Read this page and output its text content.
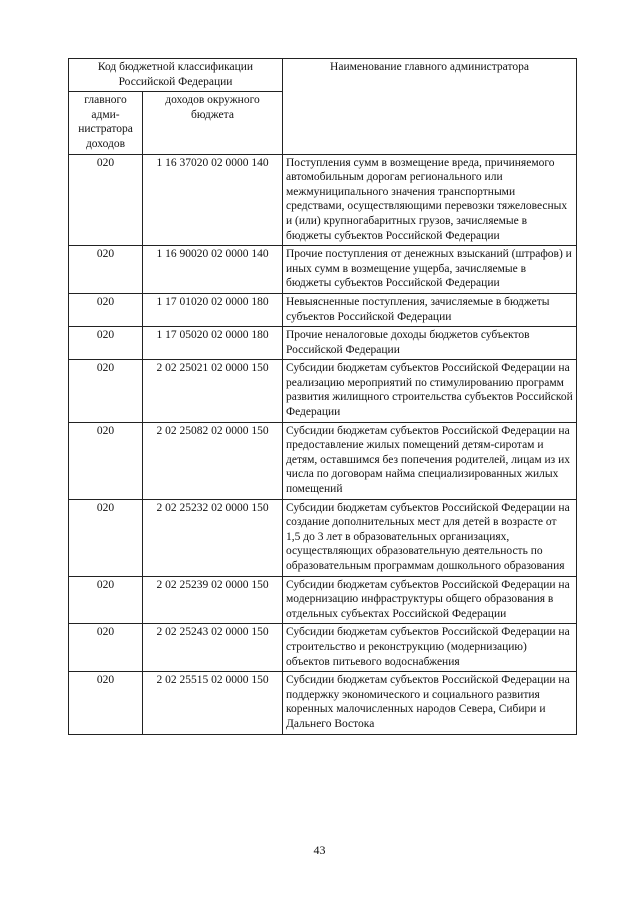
Код бюджетной классификации Российской Федерации		Наименование главного администратора
главного адми-нистратора доходов	доходов окружного бюджета	
020	1 16 37020 02 0000 140	Поступления сумм в возмещение вреда, причиняемого автомобильным дорогам регионального или межмуниципального значения транспортными средствами, осуществляющими перевозки тяжеловесных и (или) крупногабаритных грузов, зачисляемые в бюджеты субъектов Российской Федерации
020	1 16 90020 02 0000 140	Прочие поступления от денежных взысканий (штрафов) и иных сумм в возмещение ущерба, зачисляемые в бюджеты субъектов Российской Федерации
020	1 17 01020 02 0000 180	Невыясненные поступления, зачисляемые в бюджеты субъектов Российской Федерации
020	1 17 05020 02 0000 180	Прочие неналоговые доходы бюджетов субъектов Российской Федерации
020	2 02 25021 02 0000 150	Субсидии бюджетам субъектов Российской Федерации на реализацию мероприятий по стимулированию программ развития жилищного строительства субъектов Российской Федерации
020	2 02 25082 02 0000 150	Субсидии бюджетам субъектов Российской Федерации на предоставление жилых помещений детям-сиротам и детям, оставшимся без попечения родителей, лицам из их числа по договорам найма специализированных жилых помещений
020	2 02 25232 02 0000 150	Субсидии бюджетам субъектов Российской Федерации на создание дополнительных мест для детей в возрасте от 1,5 до 3 лет в образовательных организациях, осуществляющих образовательную деятельность по образовательным программам дошкольного образования
020	2 02 25239 02 0000 150	Субсидии бюджетам субъектов Российской Федерации на модернизацию инфраструктуры общего образования в отдельных субъектах Российской Федерации
020	2 02 25243 02 0000 150	Субсидии бюджетам субъектов Российской Федерации на строительство и реконструкцию (модернизацию) объектов питьевого водоснабжения
020	2 02 25515 02 0000 150	Субсидии бюджетам субъектов Российской Федерации на поддержку экономического и социального развития коренных малочисленных народов Севера, Сибири и Дальнего Востока
43
